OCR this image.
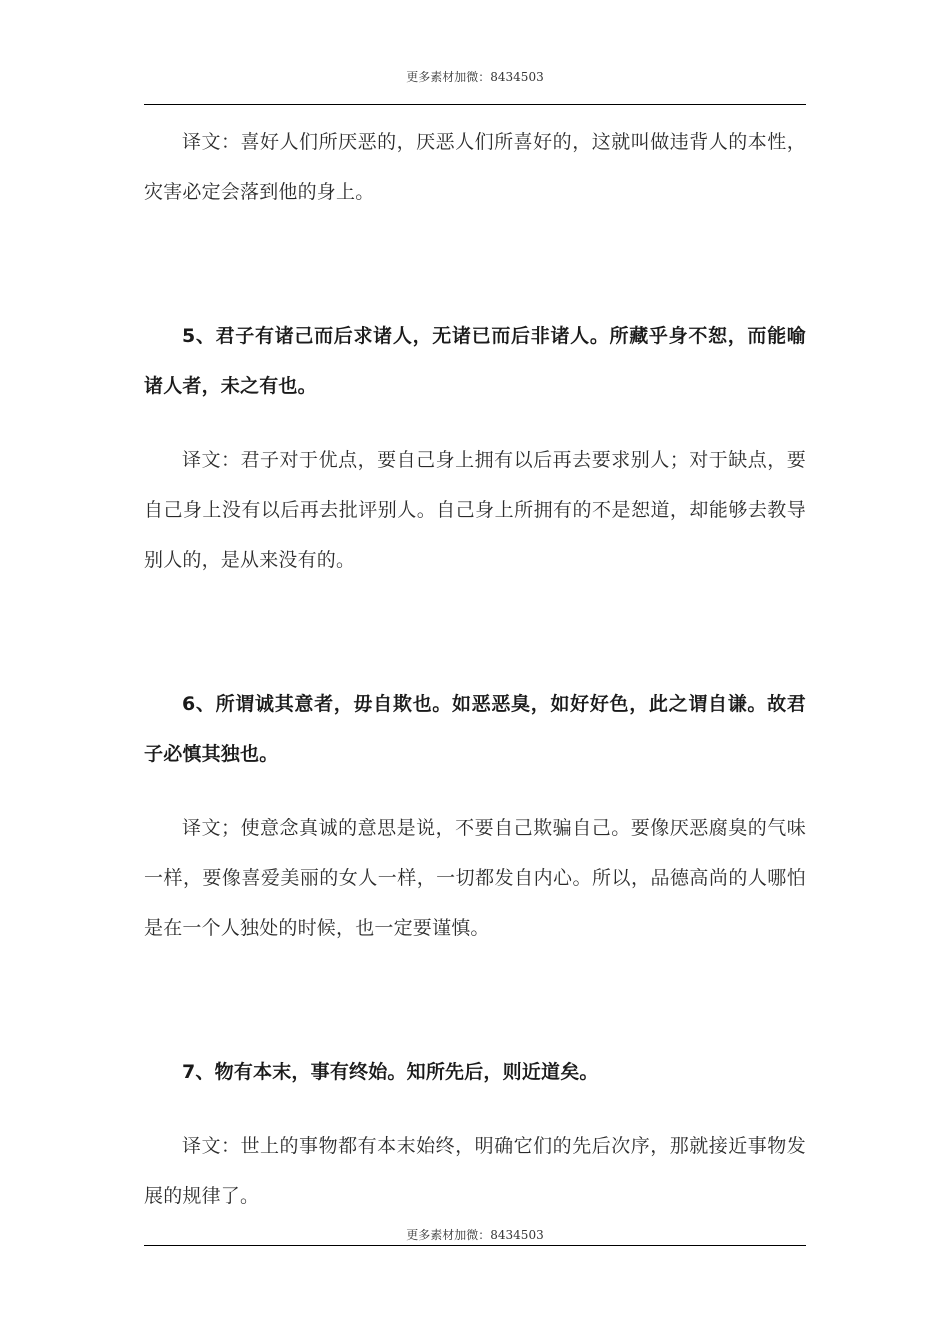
更多素材加微：8434503

译文：喜好人们所厌恶的，厌恶人们所喜好的，这就叫做违背人的本性，灾害必定会落到他的身上。

5、君子有诸己而后求诸人，无诸已而后非诸人。所藏乎身不恕，而能喻诸人者，未之有也。

译文：君子对于优点，要自己身上拥有以后再去要求别人；对于缺点，要自己身上没有以后再去批评别人。自己身上所拥有的不是恕道，却能够去教导别人的，是从来没有的。

6、所谓诚其意者，毋自欺也。如恶恶臭，如好好色，此之谓自谦。故君子必慎其独也。

译文；使意念真诚的意思是说，不要自己欺骗自己。要像厌恶腐臭的气味一样，要像喜爱美丽的女人一样，一切都发自内心。所以，品德高尚的人哪怕是在一个人独处的时候，也一定要谨慎。

7、物有本末，事有终始。知所先后，则近道矣。

译文：世上的事物都有本末始终，明确它们的先后次序，那就接近事物发展的规律了。

更多素材加微：8434503
